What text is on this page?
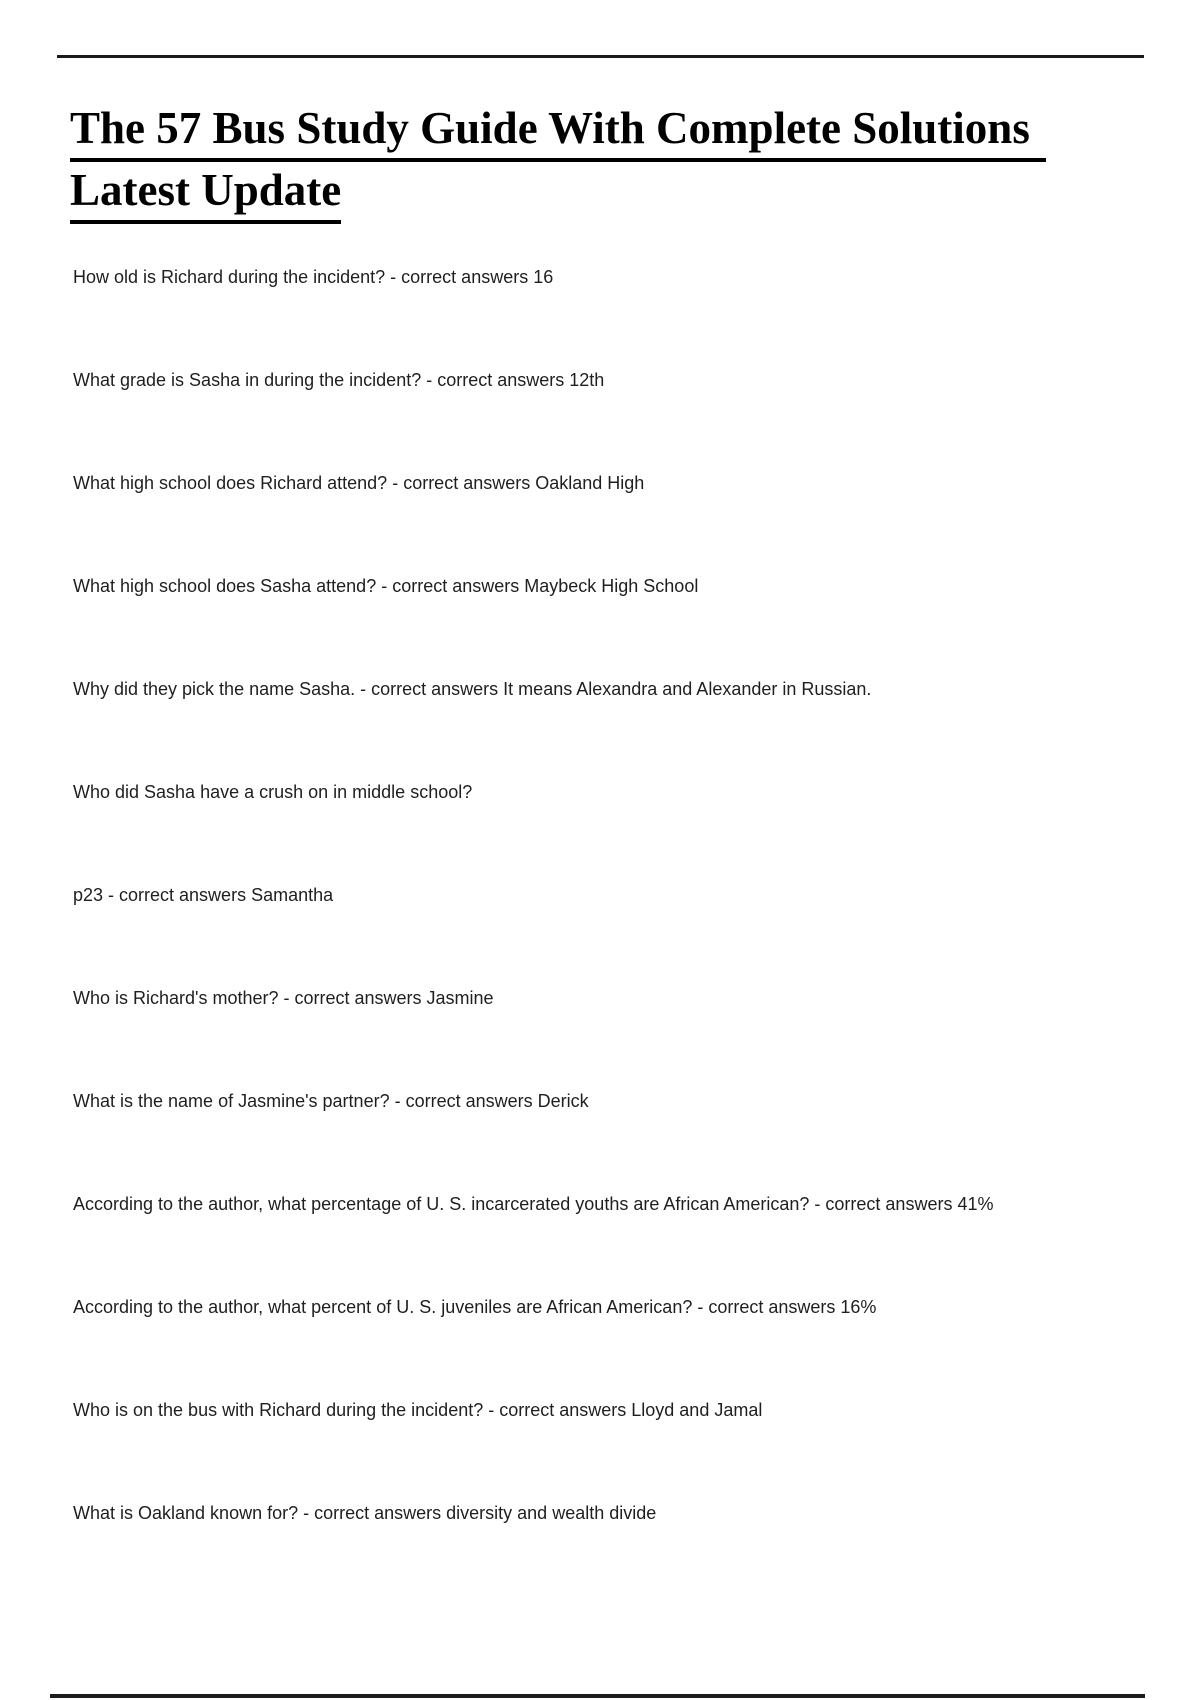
The 57 Bus Study Guide With Complete Solutions
Latest Update

How old is Richard during the incident? - correct answers 16

What grade is Sasha in during the incident? - correct answers 12th

What high school does Richard attend? - correct answers Oakland High

What high school does Sasha attend? - correct answers Maybeck High School

Why did they pick the name Sasha. - correct answers It means Alexandra and Alexander in Russian.

Who did Sasha have a crush on in middle school?

p23 - correct answers Samantha

Who is Richard's mother? - correct answers Jasmine

What is the name of Jasmine's partner? - correct answers Derick

According to the author, what percentage of U. S. incarcerated youths are African American? - correct answers 41%

According to the author, what percent of U. S. juveniles are African American? - correct answers 16%

Who is on the bus with Richard during the incident? - correct answers Lloyd and Jamal

What is Oakland known for? - correct answers diversity and wealth divide
